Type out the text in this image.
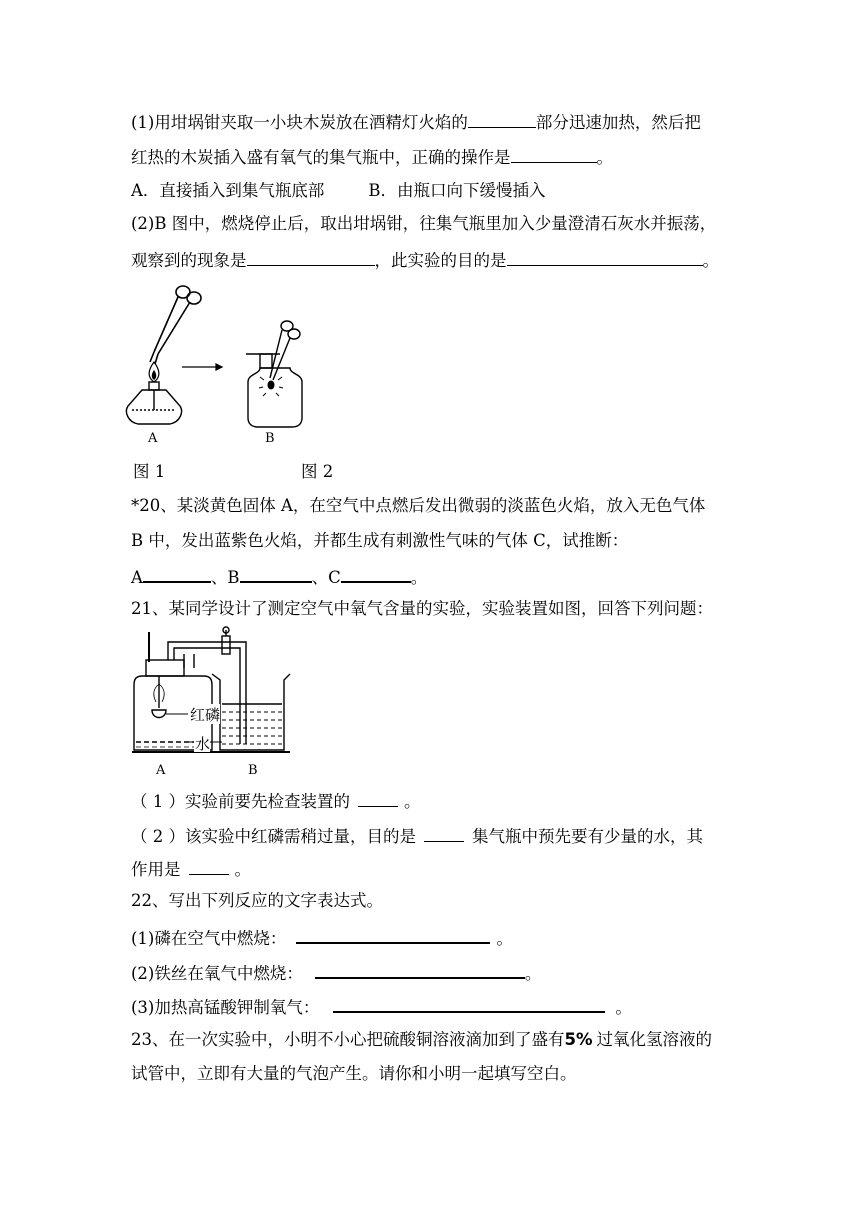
(1)用坩埚钳夹取一小块木炭放在酒精灯火焰的	部分迅速加热，然后把
红热的木炭插入盛有氧气的集气瓶中，正确的操作是	。
A．直接插入到集气瓶底部	B．由瓶口向下缓慢插入
(2)B 图中，燃烧停止后，取出坩埚钳，往集气瓶里加入少量澄清石灰水并振荡，
观察到的现象是	，此实验的目的是	。
A	B
图 1	图 2
*20、某淡黄色固体 A，在空气中点燃后发出微弱的淡蓝色火焰，放入无色气体
B 中，发出蓝紫色火焰，并都生成有刺激性气味的气体 C，试推断：
A	、B	、C	。
21、某同学设计了测定空气中氧气含量的实验，实验装置如图，回答下列问题：
红磷
水
A	B
（ 1 ）实验前要先检查装置的	。
（ 2 ）该实验中红磷需稍过量，目的是	集气瓶中预先要有少量的水，其
作用是	。
22、写出下列反应的文字表达式。
(1)磷在空气中燃烧：	。
(2)铁丝在氧气中燃烧：	。
(3)加热高锰酸钾制氧气：	。
23、在一次实验中，小明不小心把硫酸铜溶液滴加到了盛有5% 过氧化氢溶液的
试管中，立即有大量的气泡产生。请你和小明一起填写空白。
